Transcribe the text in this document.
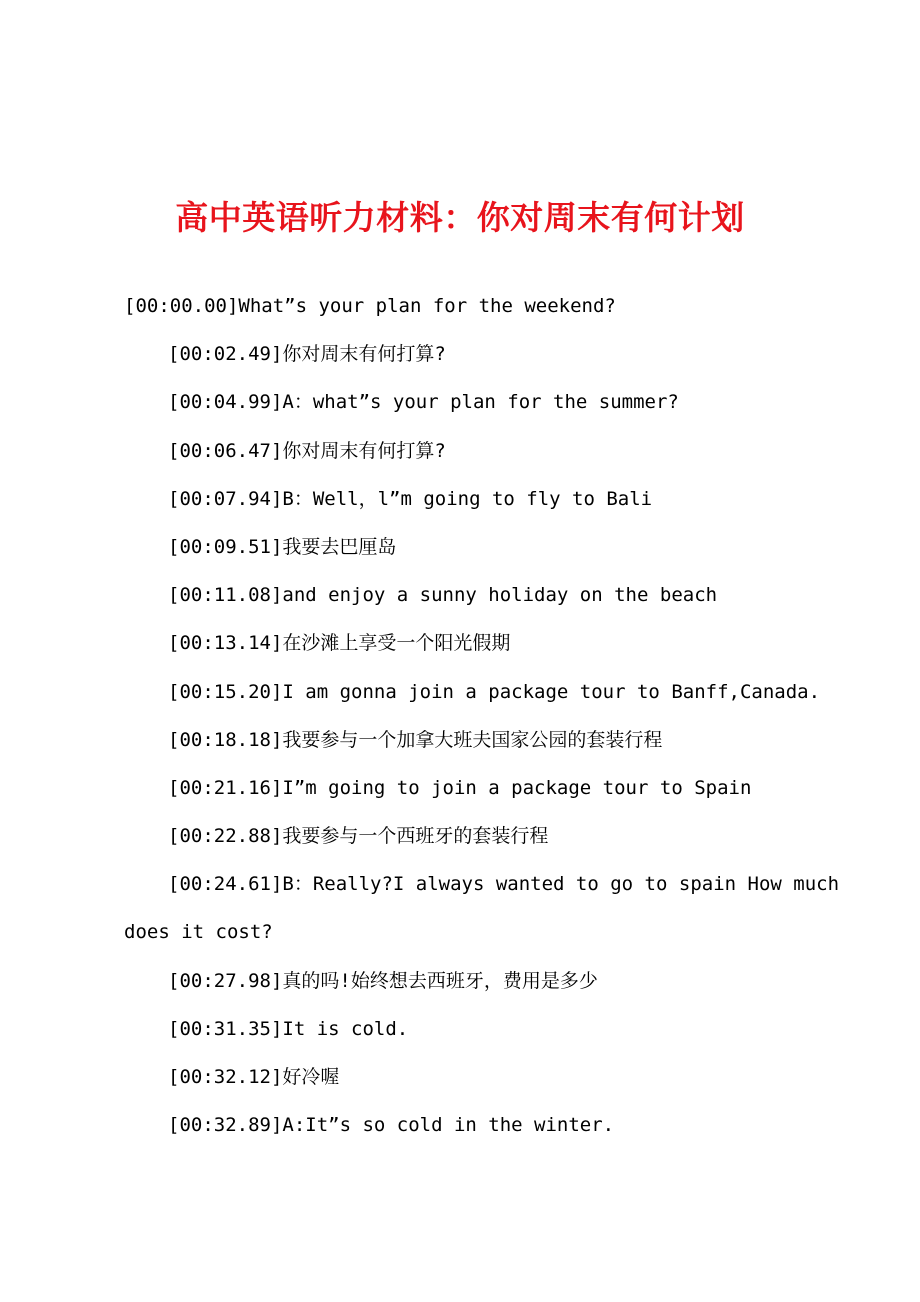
高中英语听力材料：你对周末有何计划
[00:00.00]What”s your plan for the weekend?
[00:02.49]你对周末有何打算?
[00:04.99]A：what”s your plan for the summer?
[00:06.47]你对周末有何打算?
[00:07.94]B：Well，l”m going to fly to Bali
[00:09.51]我要去巴厘岛
[00:11.08]and enjoy a sunny holiday on the beach
[00:13.14]在沙滩上享受一个阳光假期
[00:15.20]I am gonna join a package tour to Banff,Canada.
[00:18.18]我要参与一个加拿大班夫国家公园的套装行程
[00:21.16]I”m going to join a package tour to Spain
[00:22.88]我要参与一个西班牙的套装行程
[00:24.61]B：Really?I always wanted to go to spain How much
does it cost?
[00:27.98]真的吗!始终想去西班牙，费用是多少
[00:31.35]It is cold.
[00:32.12]好冷喔
[00:32.89]A:It”s so cold in the winter.
